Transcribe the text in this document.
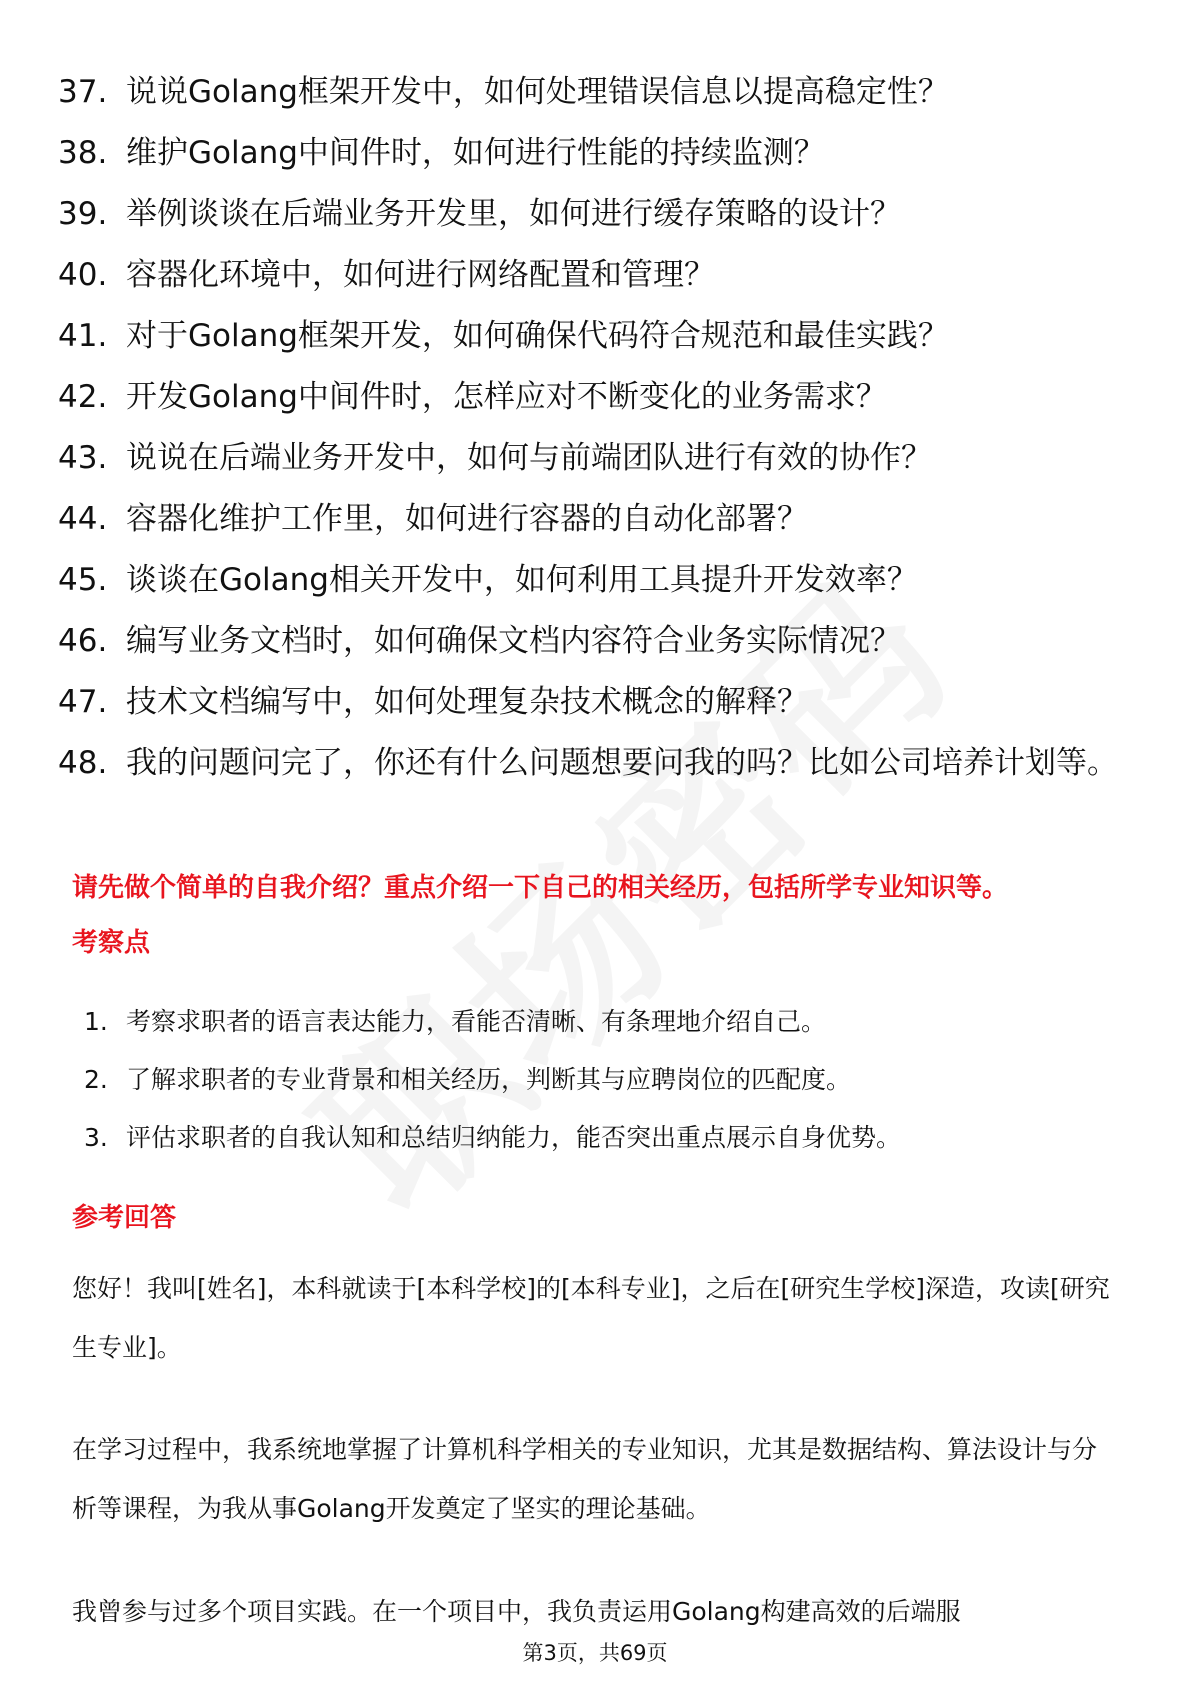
37. 说说Golang框架开发中，如何处理错误信息以提高稳定性？
38. 维护Golang中间件时，如何进行性能的持续监测？
39. 举例谈谈在后端业务开发里，如何进行缓存策略的设计？
40. 容器化环境中，如何进行网络配置和管理？
41. 对于Golang框架开发，如何确保代码符合规范和最佳实践？
42. 开发Golang中间件时，怎样应对不断变化的业务需求？
43. 说说在后端业务开发中，如何与前端团队进行有效的协作？
44. 容器化维护工作里，如何进行容器的自动化部署？
45. 谈谈在Golang相关开发中，如何利用工具提升开发效率？
46. 编写业务文档时，如何确保文档内容符合业务实际情况？
47. 技术文档编写中，如何处理复杂技术概念的解释？
48. 我的问题问完了，你还有什么问题想要问我的吗？比如公司培养计划等。
请先做个简单的自我介绍？重点介绍一下自己的相关经历，包括所学专业知识等。
考察点
1. 考察求职者的语言表达能力，看能否清晰、有条理地介绍自己。
2. 了解求职者的专业背景和相关经历，判断其与应聘岗位的匹配度。
3. 评估求职者的自我认知和总结归纳能力，能否突出重点展示自身优势。
参考回答
您好！我叫[姓名]，本科就读于[本科学校]的[本科专业]，之后在[研究生学校]深造，攻读[研究生专业]。
在学习过程中，我系统地掌握了计算机科学相关的专业知识，尤其是数据结构、算法设计与分析等课程，为我从事Golang开发奠定了坚实的理论基础。
我曾参与过多个项目实践。在一个项目中，我负责运用Golang构建高效的后端服
第3页，共69页
